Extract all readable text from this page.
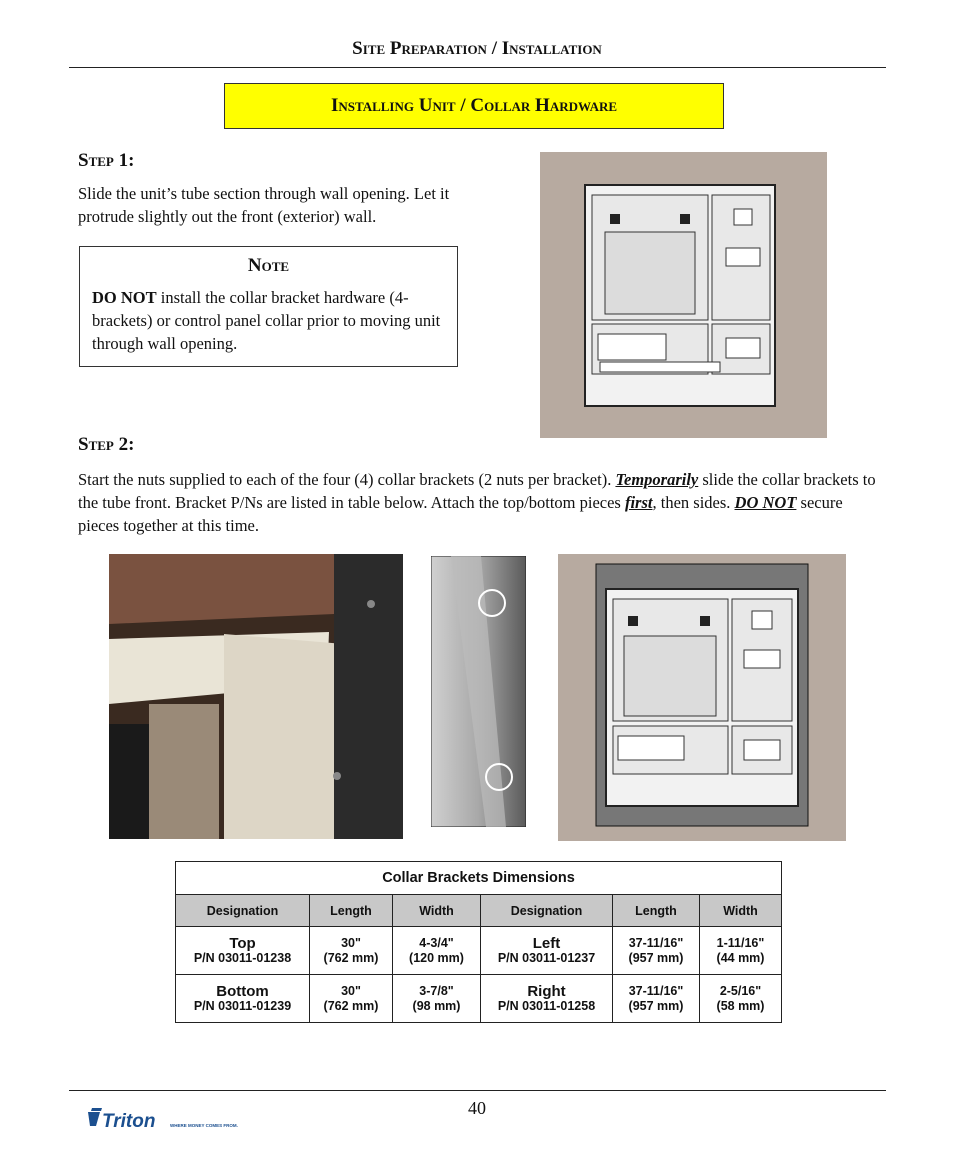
Site Preparation / Installation
Installing Unit / Collar Hardware
Step 1:
Slide the unit’s tube section through wall opening. Let it protrude slightly out the front (exterior) wall.
Note
DO NOT install the collar bracket hardware (4-brackets) or control panel collar prior to moving unit through wall opening.
Step 2:
Start the nuts supplied to each of the four (4) collar brackets (2 nuts per bracket). Temporarily slide the collar brackets to the tube front. Bracket P/Ns are listed in table below. Attach the top/bottom pieces first, then sides. DO NOT secure pieces together at this time.
Collar Brackets Dimensions					
Designation	Length	Width	Designation	Length	Width

Top
P/N 03011-01238	30"
(762 mm)	4-3/4"
(120 mm)	Left
P/N 03011-01237	37-11/16"
(957 mm)	1-11/16"
(44 mm)

Bottom
P/N 03011-01239	30"
(762 mm)	3-7/8"
(98 mm)	Right
P/N 03011-01258	37-11/16"
(957 mm)	2-5/16"
(58 mm)
40
Triton	WHERE MONEY COMES FROM.
